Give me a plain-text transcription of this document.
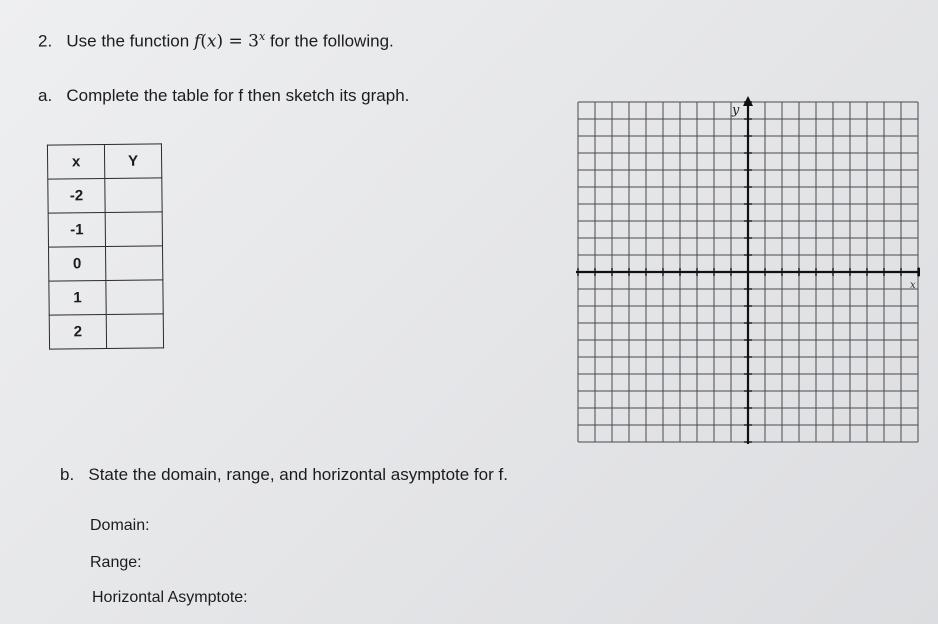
2. Use the function $f(x) = 3^x$ for the following.
a. Complete the table for f then sketch its graph.
x	Y
-2	
-1	
0	
1	
2	
y
x
b. State the domain, range, and horizontal asymptote for f.
Domain:
Range:
Horizontal Asymptote:
